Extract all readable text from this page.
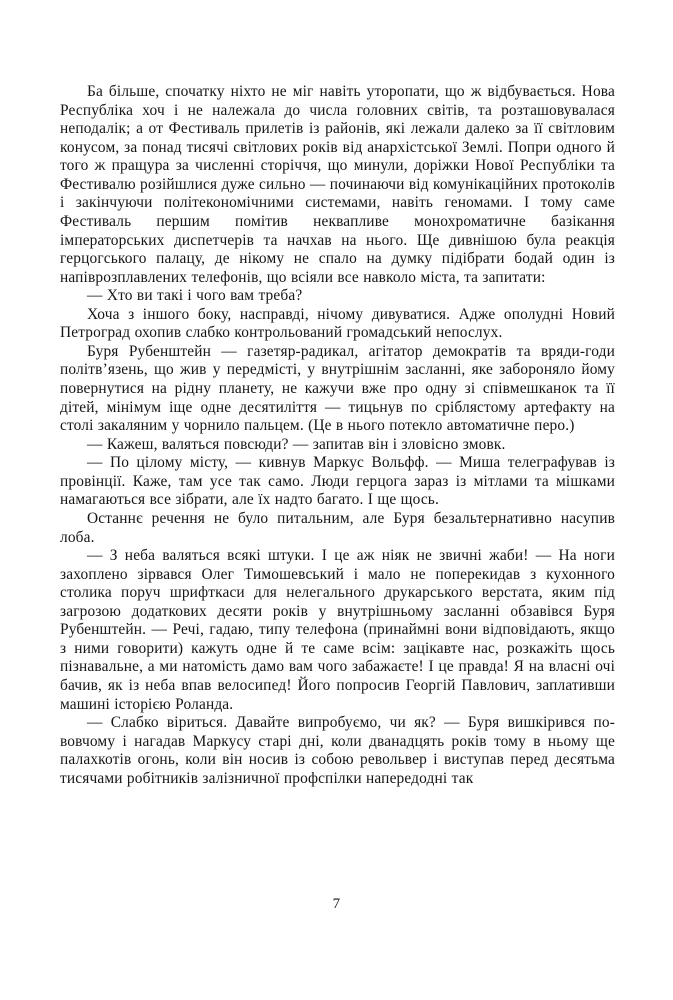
Ба більше, спочатку ніхто не міг навіть уторопати, що ж відбувається. Нова Республіка хоч і не належала до числа головних світів, та розташовувалася неподалік; а от Фестиваль прилетів із районів, які лежали далеко за її світловим конусом, за понад тисячі світлових років від анархістської Землі. Попри одного й того ж пращура за численні сторіччя, що минули, доріжки Нової Республіки та Фестивалю розійшлися дуже сильно — починаючи від комунікаційних протоколів і закінчуючи політекономічними системами, навіть геномами. І тому саме Фестиваль першим помітив неквапливе монохроматичне базікання імператорських диспетчерів та начхав на нього. Ще дивнішою була реакція герцогського палацу, де нікому не спало на думку підібрати бодай один із напіврозплавлених телефонів, що всіяли все навколо міста, та запитати:

— Хто ви такі і чого вам треба?

Хоча з іншого боку, насправді, нічому дивуватися. Адже ополудні Новий Петроград охопив слабко контрольований громадський непослух.

Буря Рубенштейн — газетяр-радикал, агітатор демократів та вряди-годи політв’язень, що жив у передмісті, у внутрішнім засланні, яке забороняло йому повернутися на рідну планету, не кажучи вже про одну зі співмешканок та її дітей, мінімум іще одне десятиліття — тицьнув по сріблястому артефакту на столі закаляним у чорнило пальцем. (Це в нього потекло автоматичне перо.)

— Кажеш, валяться повсюди? — запитав він і зловісно змовк.

— По цілому місту, — кивнув Маркус Вольфф. — Миша телеграфував із провінції. Каже, там усе так само. Люди герцога зараз із мітлами та мішками намагаються все зібрати, але їх надто багато. І ще щось.

Останнє речення не було питальним, але Буря безальтернативно насупив лоба.

— З неба валяться всякі штуки. І це аж ніяк не звичні жаби! — На ноги захоплено зірвався Олег Тимошевський і мало не поперекидав з кухонного столика поруч шрифткаси для нелегального друкарського верстата, яким під загрозою додаткових десяти років у внутрішньому засланні обзавівся Буря Рубенштейн. — Речі, гадаю, типу телефона (принаймні вони відповідають, якщо з ними говорити) кажуть одне й те саме всім: зацікавте нас, розкажіть щось пізнавальне, а ми натомість дамо вам чого забажаєте! І це правда! Я на власні очі бачив, як із неба впав велосипед! Його попросив Георгій Павлович, заплативши машині історією Роланда.

— Слабко віриться. Давайте випробуємо, чи як? — Буря вишкірився по-вовчому і нагадав Маркусу старі дні, коли дванадцять років тому в ньому ще палахкотів огонь, коли він носив із собою револьвер і виступав перед десятьма тисячами робітників залізничної профспілки напередодні так

7
